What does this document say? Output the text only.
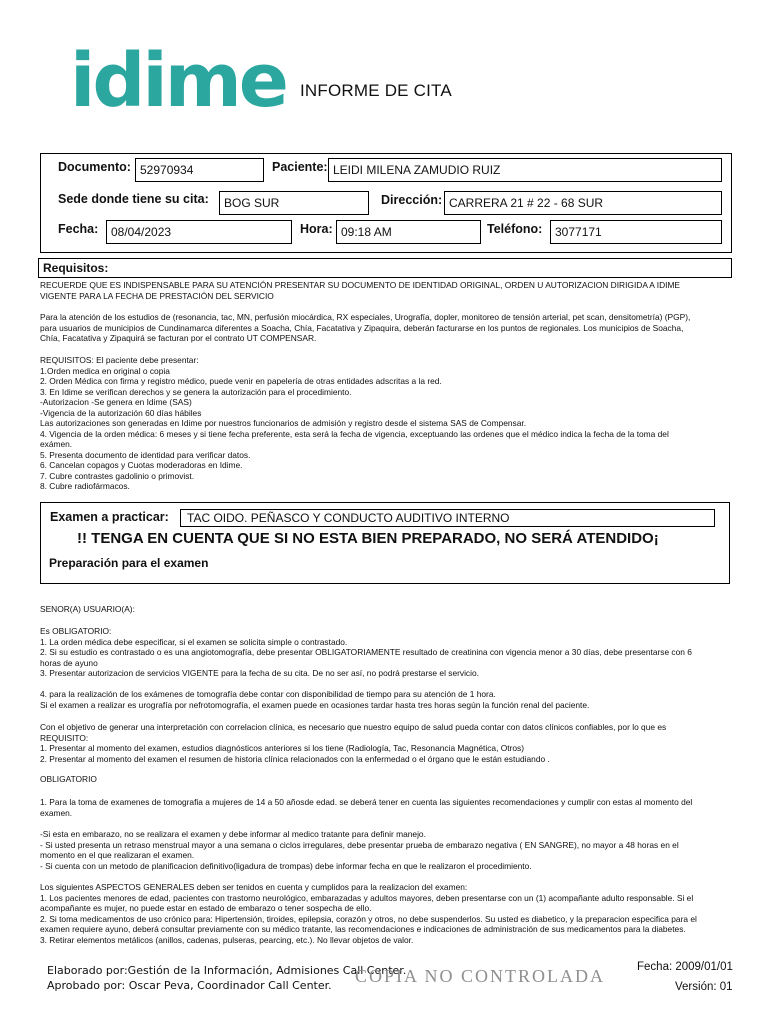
idime INFORME DE CITA
Documento: 52970934	Paciente: LEIDI MILENA ZAMUDIO RUIZ
Sede donde tiene su cita:	BOG SUR	Dirección: CARRERA 21 # 22 - 68 SUR
Fecha:	08/04/2023	Hora: 09:18 AM	Teléfono:	3077171
Requisitos:
RECUERDE QUE ES INDISPENSABLE PARA SU ATENCIÓN PRESENTAR SU DOCUMENTO DE IDENTIDAD ORIGINAL, ORDEN U AUTORIZACION DIRIGIDA A IDIME
VIGENTE PARA LA FECHA DE PRESTACIÓN DEL SERVICIO
Para la atención de los estudios de (resonancia, tac, MN, perfusión miocárdica, RX especiales, Urografía, dopler, monitoreo de tensión arterial, pet scan, densitometría) (PGP),
para usuarios de municipios de Cundinamarca diferentes a Soacha, Chía, Facatativa y Zipaquira, deberán facturarse en los puntos de regionales. Los municipios de Soacha,
Chía, Facatativa y Zipaquirá se facturan por el contrato UT COMPENSAR.
REQUISITOS: El paciente debe presentar:
1.Orden medica en original o copia
2. Orden Médica con firma y registro médico, puede venir en papelería de otras entidades adscritas a la red.
3. En Idime se verifican derechos y se genera la autorización para el procedimiento.
-Autorizacion -Se genera en Idime (SAS)
-Vigencia de la autorización 60 días hábiles
Las autorizaciones son generadas en Idime por nuestros funcionarios de admisión y registro desde el sistema SAS de Compensar.
4. Vigencia de la orden médica: 6 meses y si tiene fecha preferente, esta será la fecha de vigencia, exceptuando las ordenes que el médico indica la fecha de la toma del
exámen.
5. Presenta documento de identidad para verificar datos.
6. Cancelan copagos y Cuotas moderadoras en Idime.
7. Cubre contrastes gadolinio o primovist.
8. Cubre radiofármacos.
Examen a practicar:	TAC OIDO. PEÑASCO Y CONDUCTO AUDITIVO INTERNO
!! TENGA EN CUENTA QUE SI NO ESTA BIEN PREPARADO, NO SERÁ ATENDIDO¡
Preparación para el examen
SENOR(A) USUARIO(A):
Es OBLIGATORIO:
1. La orden médica debe especificar, si el examen se solicita simple o contrastado.
2. Si su estudio es contrastado o es una angiotomografía, debe presentar OBLIGATORIAMENTE resultado de creatinina con vigencia menor a 30 días, debe presentarse con 6
horas de ayuno
3. Presentar autorizacion de servicios VIGENTE para la fecha de su cita. De no ser así, no podrá prestarse el servicio.
4. para la realización de los exámenes de tomografía debe contar con disponibilidad de tiempo para su atención de 1 hora.
Si el examen a realizar es urografía por nefrotomografía, el examen puede en ocasiones tardar hasta tres horas según la función renal del paciente.
Con el objetivo de generar una interpretación con correlacion clínica, es necesario que nuestro equipo de salud pueda contar con datos clínicos confiables, por lo que es
REQUISITO:
1. Presentar al momento del examen, estudios diagnósticos anteriores si los tiene (Radiología, Tac, Resonancia Magnética, Otros)
2. Presentar al momento del examen el resumen de historia clínica relacionados con la enfermedad o el órgano que le están estudiando .
OBLIGATORIO
1. Para la toma de examenes de tomografia a mujeres de 14 a 50 añosde edad. se deberá tener en cuenta las siguientes recomendaciones y cumplir con estas al momento del
examen.
-Si esta en embarazo, no se realizara el examen y debe informar al medico tratante para definir manejo.
- Si usted presenta un retraso menstrual mayor a una semana o ciclos irregulares, debe presentar prueba de embarazo negativa ( EN SANGRE), no mayor a 48 horas en el
momento en el que realizaran el examen.
- Si cuenta con un metodo de planificacion definitivo(ligadura de trompas) debe informar fecha en que le realizaron el procedimiento.
Los siguientes ASPECTOS GENERALES deben ser tenidos en cuenta y cumplidos para la realizacion del examen:
1. Los pacientes menores de edad, pacientes con trastorno neurológico, embarazadas y adultos mayores, deben presentarse con un (1) acompañante adulto responsable. Si el
acompañante es mujer, no puede estar en estado de embarazo o tener sospecha de ello.
2. Si toma medicamentos de uso crónico para: Hipertensión, tiroides, epilepsia, corazón y otros, no debe suspenderlos. Su usted es diabetico, y la preparacion especifica para el
examen requiere ayuno, deberá consultar previamente con su médico tratante, las recomendaciones e indicaciones de administración de sus medicamentos para la diabetes.
3. Retirar elementos metálicos (anillos, cadenas, pulseras, pearcing, etc.). No llevar objetos de valor.
Elaborado por:Gestión de la Información, Admisiones Call Center.
Aprobado por: Oscar Peva, Coordinador Call Center.	COPIA NO CONTROLADA	Fecha: 2009/01/01
Versión: 01
